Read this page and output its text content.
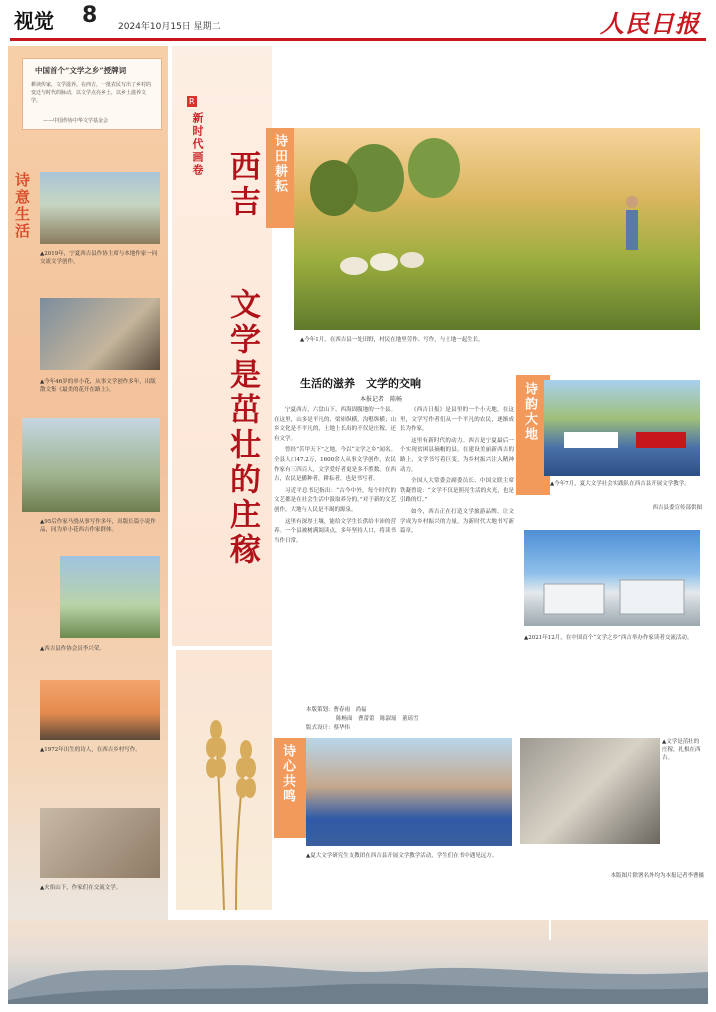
视觉 8 2024年10月15日 星期二	人民日报
中国首个“文学之乡”授牌词
耕读传家，文学滋养。在西吉，一批农民写出了乡村的变迁与时代的脉动，以文学点亮乡土，以乡土滋养文学。
——中国作协中华文学基金会
诗意生活
▲2019年，宁夏西吉县作协主席与本地作家一同交流文学创作。
▲今年46岁的单小花，从事文学创作多年，出版散文集《最美的花开在路上》。
▲95后作家马骁从事写作多年，出版长篇小说作品，同为单小花西吉作家群体。
▲西吉县作协会员李兴荣。
▲1972年出生的诗人，在西吉乡村写作。
▲火焰山下，作家们在交流文学。
R
新时代画卷
西吉
文学是茁壮的庄稼
诗田耕耘
▲今年1月，在西吉县一处田野，村民在地里劳作、写作，与土地一起生长。
生活的滋养　文学的交响
本报记者　陈畅

宁夏西吉，六盘山下、西海固腹地的一个县。在这里，山多是平凡的、梁峁纵横，沟壑纵横；山乡文化是不平凡的，土地上长出的不仅是庄稼，还有文学。

曾经“苦甲天下”之地，今以“文学之乡”闻名。全县人口47.2万，1600余人从事文学创作，农民作家有三四百人，文学爱好者更是多不胜数。在西吉，农民是播种者，耕耘者，也是书写者。

习近平总书记指出：“古今中外，每个时代的文艺都是在社会生活中汲取养分的。”对于新的文艺创作，大地与人民是不竭的源泉。

这里有深厚土壤，能给文学生长供给丰沛的营养。一个县被树满阅读点，多年坚持人口，将读书当作日常。

《西吉日报》是县里的一个小天地，在这里，文学写作者们从一个平凡的农民，逐渐成长为作家。

这里有新时代的动力。西吉是宁夏最后一个实现贫困县摘帽的县，在建设美丽新西吉的路上，文学书写着巨变，为乡村振兴注入精神动力。

全国人大常委会副委员长、中国文联主席铁凝曾说：“文学不仅是照亮生活的火光，也是引路的灯。”

如今，西吉正在打造文学旅游品牌，让文学成为乡村振兴的力量，为新时代大地书写新篇章。

本版策划：曹春雨　尚福
陈畅面　曹蕾蕾　陈淑瑶　董瑶雪
版式设计：蔡华伟
诗韵大地
▲今年7月，夏大文学社会实践队在西吉县开展文学教学。
西吉县委宣传部供图
▲2021年12月，在中国首个“文学之乡”西吉举办作家读者交流活动。
诗心共鸣
▲夏大文学研究生支教团在西吉县开展文学教学活动，学生们在书中遇见远方。
▲文学是茁壮的庄稼，扎根在西吉。
本版图片除署名外均为本报记者李曹摄
